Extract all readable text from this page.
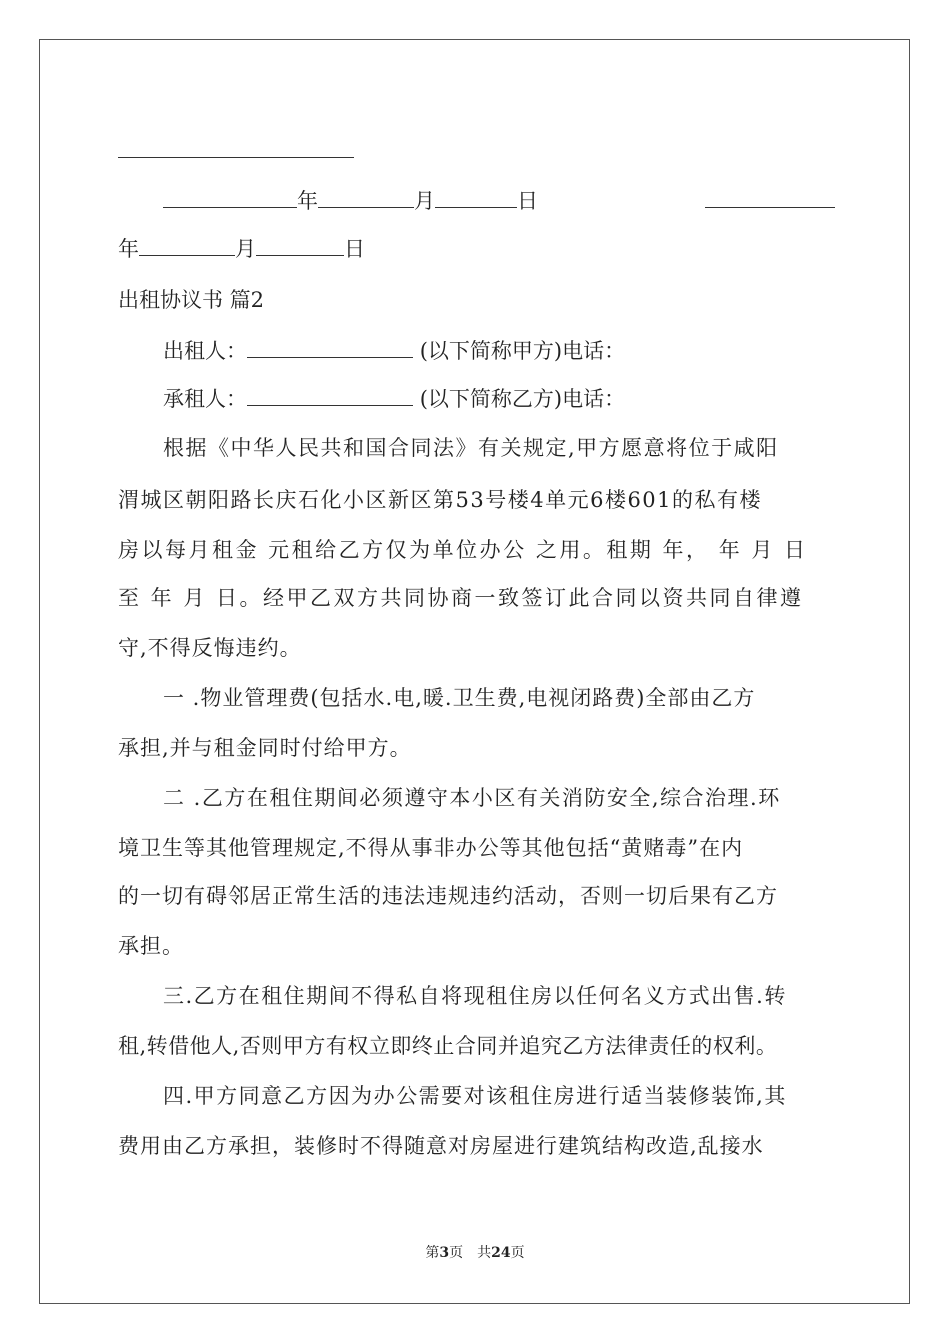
年	月	日
年	月	日
出租协议书 篇2
出租人：	(以下简称甲方)电话：
承租人：	(以下简称乙方)电话：
根据《中华人民共和国合同法》有关规定,甲方愿意将位于咸阳
渭城区朝阳路长庆石化小区新区第53号楼4单元6楼601的私有楼
房以每月租金 元租给乙方仅为单位办公 之用。租期 年， 年 月 日
至 年 月 日。经甲乙双方共同协商一致签订此合同以资共同自律遵
守,不得反悔违约。
一 .物业管理费(包括水.电,暖.卫生费,电视闭路费)全部由乙方
承担,并与租金同时付给甲方。
二 .乙方在租住期间必须遵守本小区有关消防安全,综合治理.环
境卫生等其他管理规定,不得从事非办公等其他包括“黄赌毒”在内
的一切有碍邻居正常生活的违法违规违约活动，否则一切后果有乙方
承担。
三.乙方在租住期间不得私自将现租住房以任何名义方式出售.转
租,转借他人,否则甲方有权立即终止合同并追究乙方法律责任的权利。
四.甲方同意乙方因为办公需要对该租住房进行适当装修装饰,其
费用由乙方承担，装修时不得随意对房屋进行建筑结构改造,乱接水
第3页　共24页
